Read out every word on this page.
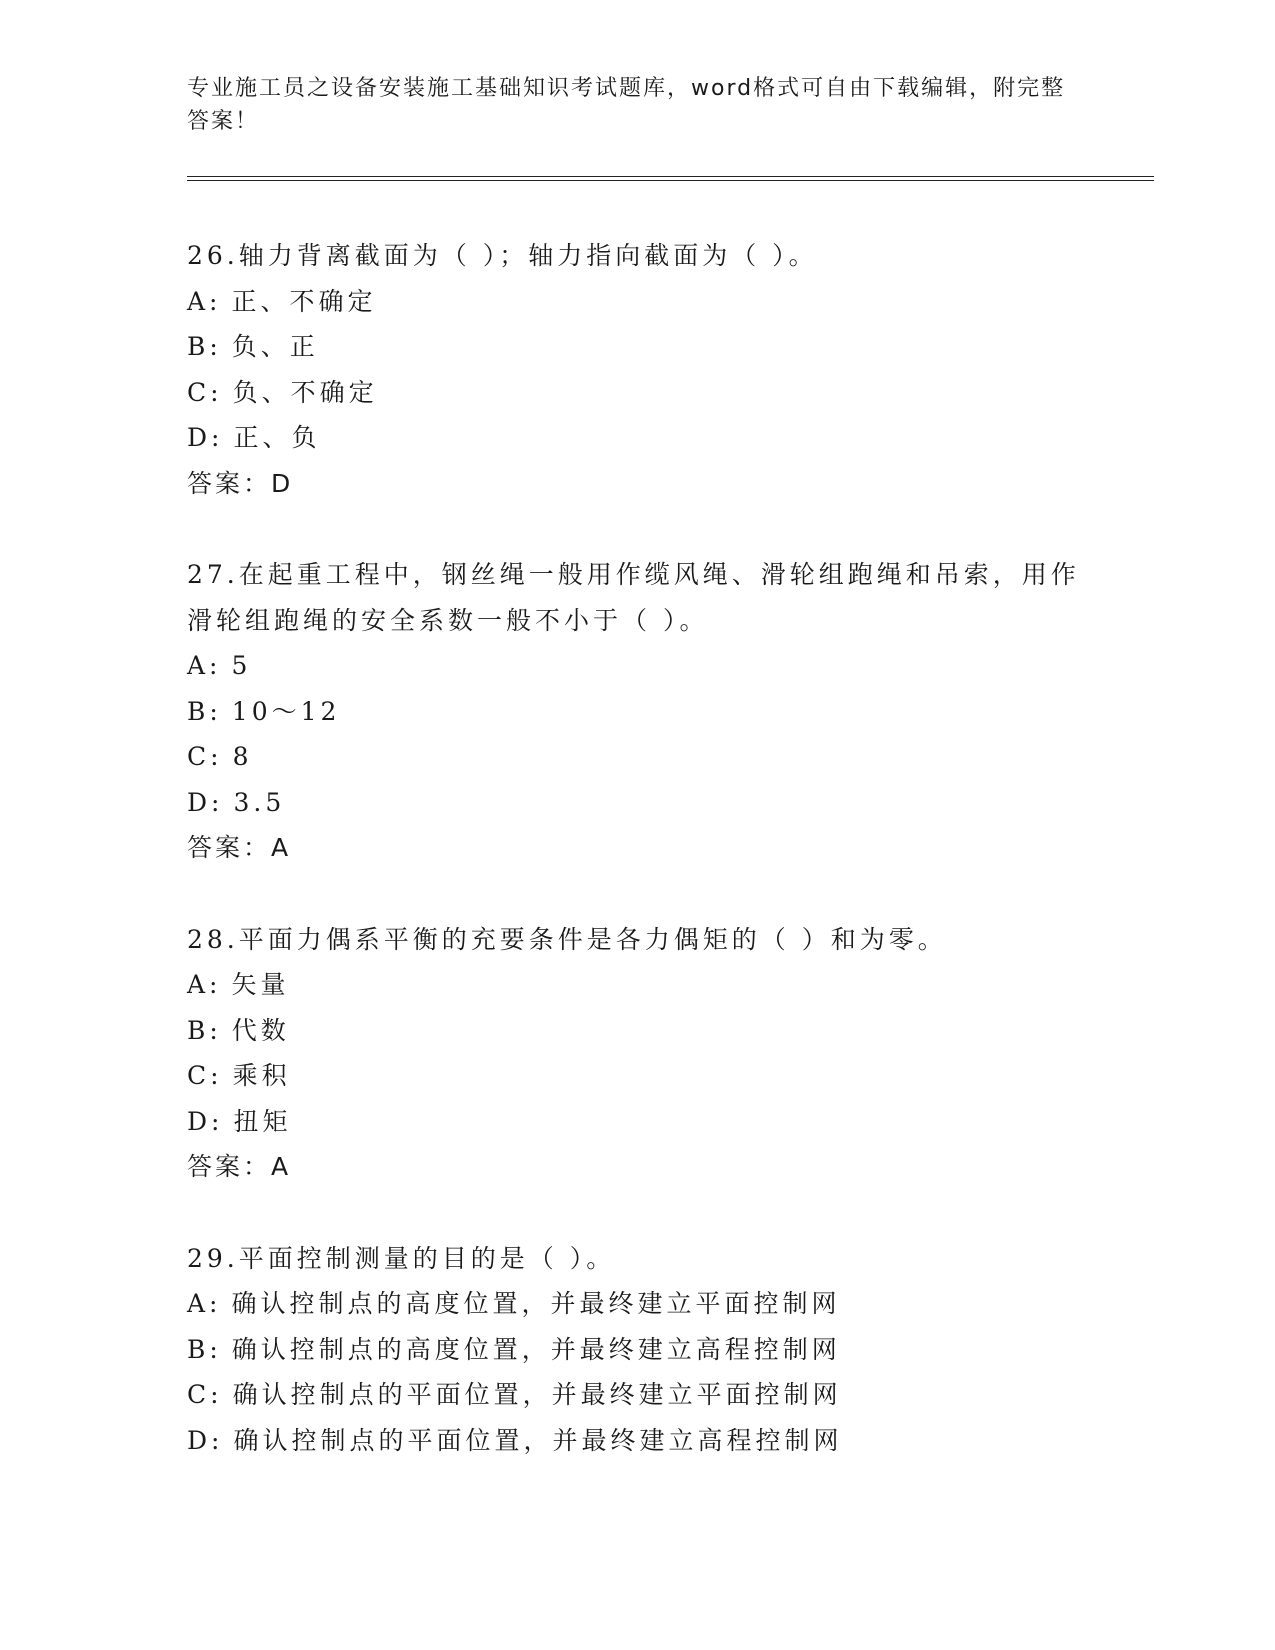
专业施工员之设备安装施工基础知识考试题库，word格式可自由下载编辑，附完整答案！
26.轴力背离截面为（ ）；轴力指向截面为（ ）。
A: 正、不确定
B: 负、正
C: 负、不确定
D: 正、负
答案：D
27.在起重工程中，钢丝绳一般用作缆风绳、滑轮组跑绳和吊索，用作滑轮组跑绳的安全系数一般不小于（ ）。
A: 5
B: 10～12
C: 8
D: 3.5
答案：A
28.平面力偶系平衡的充要条件是各力偶矩的（ ）和为零。
A: 矢量
B: 代数
C: 乘积
D: 扭矩
答案：A
29.平面控制测量的目的是（ ）。
A: 确认控制点的高度位置，并最终建立平面控制网
B: 确认控制点的高度位置，并最终建立高程控制网
C: 确认控制点的平面位置，并最终建立平面控制网
D: 确认控制点的平面位置，并最终建立高程控制网
